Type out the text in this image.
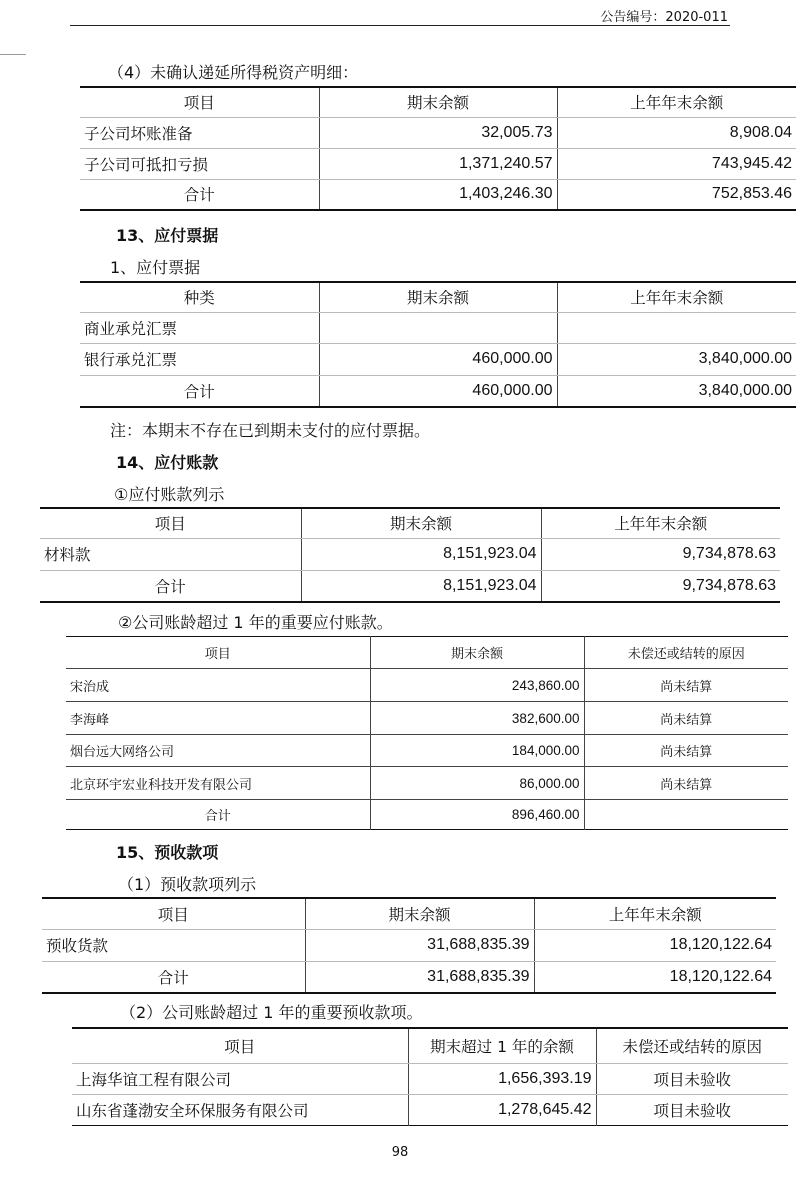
公告编号：2020-011
（4）未确认递延所得税资产明细：
项目	期末余额	上年年末余额
子公司坏账准备	32,005.73	8,908.04
子公司可抵扣亏损	1,371,240.57	743,945.42
合计	1,403,246.30	752,853.46
13、应付票据
1、应付票据
种类	期末余额	上年年末余额
商业承兑汇票		
银行承兑汇票	460,000.00	3,840,000.00
合计	460,000.00	3,840,000.00
注：本期末不存在已到期未支付的应付票据。
14、应付账款
①应付账款列示
项目	期末余额	上年年末余额
材料款	8,151,923.04	9,734,878.63
合计	8,151,923.04	9,734,878.63
②公司账龄超过 1 年的重要应付账款。
项目	期末余额	未偿还或结转的原因
宋治成	243,860.00	尚未结算
李海峰	382,600.00	尚未结算
烟台远大网络公司	184,000.00	尚未结算
北京环宇宏业科技开发有限公司	86,000.00	尚未结算
合计	896,460.00	
15、预收款项
（1）预收款项列示
项目	期末余额	上年年末余额
预收货款	31,688,835.39	18,120,122.64
合计	31,688,835.39	18,120,122.64
（2）公司账龄超过 1 年的重要预收款项。
项目	期末超过 1 年的余额	未偿还或结转的原因
上海华谊工程有限公司	1,656,393.19	项目未验收
山东省蓬渤安全环保服务有限公司	1,278,645.42	项目未验收
98
